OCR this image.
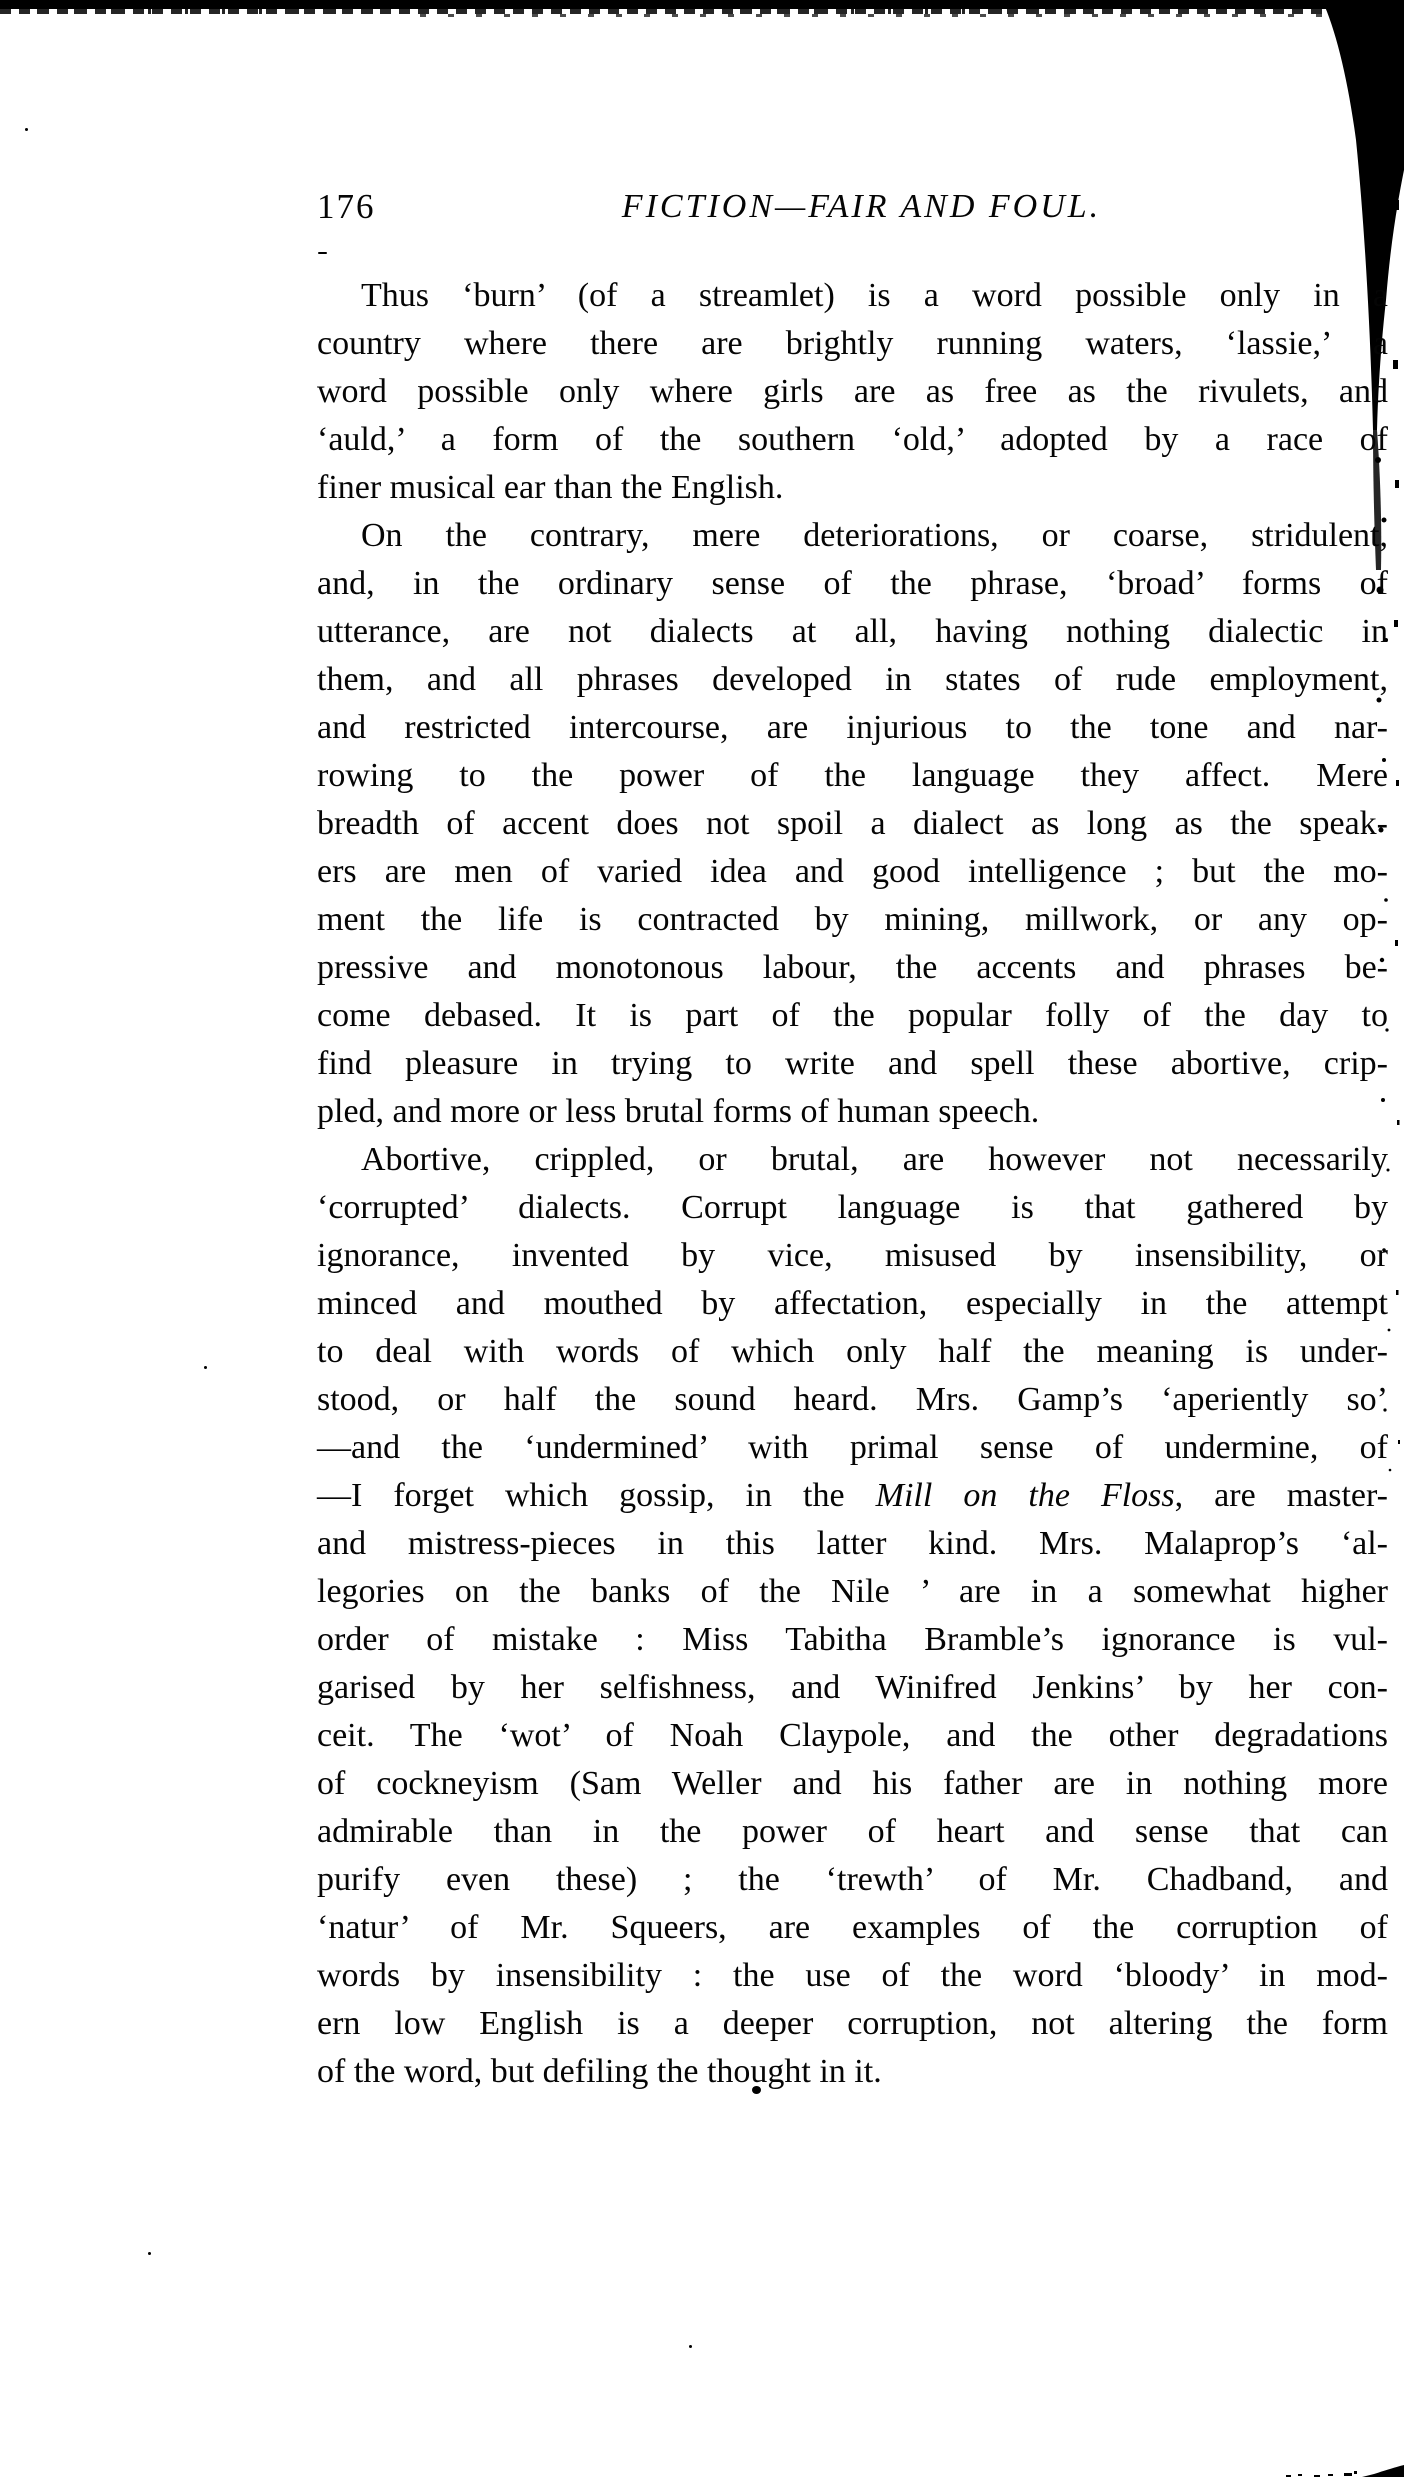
176	FICTION—FAIR AND FOUL.
Thus ‘burn’ (of a streamlet) is a word possible only in a
country where there are brightly running waters, ‘lassie,’ a
word possible only where girls are as free as the rivulets, and
‘auld,’ a form of the southern ‘old,’ adopted by a race of
finer musical ear than the English.
On the contrary, mere deteriorations, or coarse, stridulent,
and, in the ordinary sense of the phrase, ‘broad’ forms of
utterance, are not dialects at all, having nothing dialectic in
them, and all phrases developed in states of rude employment,
and restricted intercourse, are injurious to the tone and nar-
rowing to the power of the language they affect. Mere
breadth of accent does not spoil a dialect as long as the speak-
ers are men of varied idea and good intelligence ; but the mo-
ment the life is contracted by mining, millwork, or any op-
pressive and monotonous labour, the accents and phrases be-
come debased. It is part of the popular folly of the day to
find pleasure in trying to write and spell these abortive, crip-
pled, and more or less brutal forms of human speech.
Abortive, crippled, or brutal, are however not necessarily
‘corrupted’ dialects. Corrupt language is that gathered by
ignorance, invented by vice, misused by insensibility, or
minced and mouthed by affectation, especially in the attempt
to deal with words of which only half the meaning is under-
stood, or half the sound heard. Mrs. Gamp’s ‘aperiently so’
—and the ‘undermined’ with primal sense of undermine, of
—I forget which gossip, in the Mill on the Floss, are master-
and mistress-pieces in this latter kind. Mrs. Malaprop’s ‘al-
legories on the banks of the Nile ’ are in a somewhat higher
order of mistake : Miss Tabitha Bramble’s ignorance is vul-
garised by her selfishness, and Winifred Jenkins’ by her con-
ceit. The ‘wot’ of Noah Claypole, and the other degradations
of cockneyism (Sam Weller and his father are in nothing more
admirable than in the power of heart and sense that can
purify even these) ; the ‘trewth’ of Mr. Chadband, and
‘natur’ of Mr. Squeers, are examples of the corruption of
words by insensibility : the use of the word ‘bloody’ in mod-
ern low English is a deeper corruption, not altering the form
of the word, but defiling the thought in it.
